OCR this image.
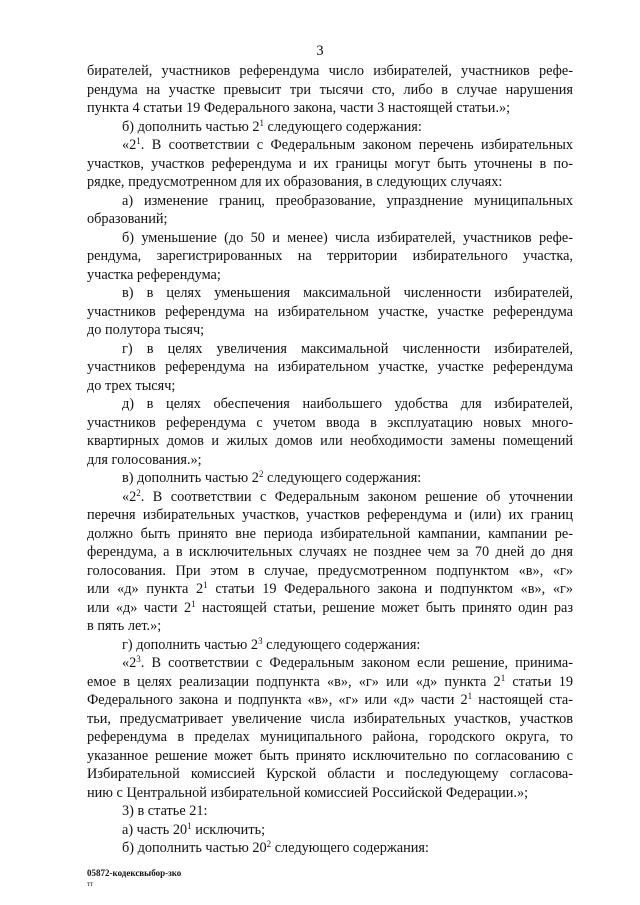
3
бирателей, участников референдума число избирателей, участников рефе-
рендума на участке превысит три тысячи сто, либо в случае нарушения
пункта 4 статьи 19 Федерального закона, части 3 настоящей статьи.»;
б) дополнить частью $2^1$ следующего содержания:
«$2^1$. В соответствии с Федеральным законом перечень избирательных
участков, участков референдума и их границы могут быть уточнены в по-
рядке, предусмотренном для их образования, в следующих случаях:
а) изменение границ, преобразование, упразднение муниципальных
образований;
б) уменьшение (до 50 и менее) числа избирателей, участников рефе-
рендума, зарегистрированных на территории избирательного участка,
участка референдума;
в) в целях уменьшения максимальной численности избирателей,
участников референдума на избирательном участке, участке референдума
до полутора тысяч;
г) в целях увеличения максимальной численности избирателей,
участников референдума на избирательном участке, участке референдума
до трех тысяч;
д) в целях обеспечения наибольшего удобства для избирателей,
участников референдума с учетом ввода в эксплуатацию новых много-
квартирных домов и жилых домов или необходимости замены помещений
для голосования.»;
в) дополнить частью $2^2$ следующего содержания:
«$2^2$. В соответствии с Федеральным законом решение об уточнении
перечня избирательных участков, участков референдума и (или) их границ
должно быть принято вне периода избирательной кампании, кампании ре-
ферендума, а в исключительных случаях не позднее чем за 70 дней до дня
голосования. При этом в случае, предусмотренном подпунктом «в», «г»
или «д» пункта $2^1$ статьи 19 Федерального закона и подпунктом «в», «г»
или «д» части $2^1$ настоящей статьи, решение может быть принято один раз
в пять лет.»;
г) дополнить частью $2^3$ следующего содержания:
«$2^3$. В соответствии с Федеральным законом если решение, принима-
емое в целях реализации подпункта «в», «г» или «д» пункта $2^1$ статьи 19
Федерального закона и подпункта «в», «г» или «д» части $2^1$ настоящей ста-
тьи, предусматривает увеличение числа избирательных участков, участков
референдума в пределах муниципального района, городского округа, то
указанное решение может быть принято исключительно по согласованию с
Избирательной комиссией Курской области и последующему согласова-
нию с Центральной избирательной комиссией Российской Федерации.»;
3) в статье 21:
а) часть $20^1$ исключить;
б) дополнить частью $20^2$ следующего содержания:
05872-кодексвыбор-зко
тт
